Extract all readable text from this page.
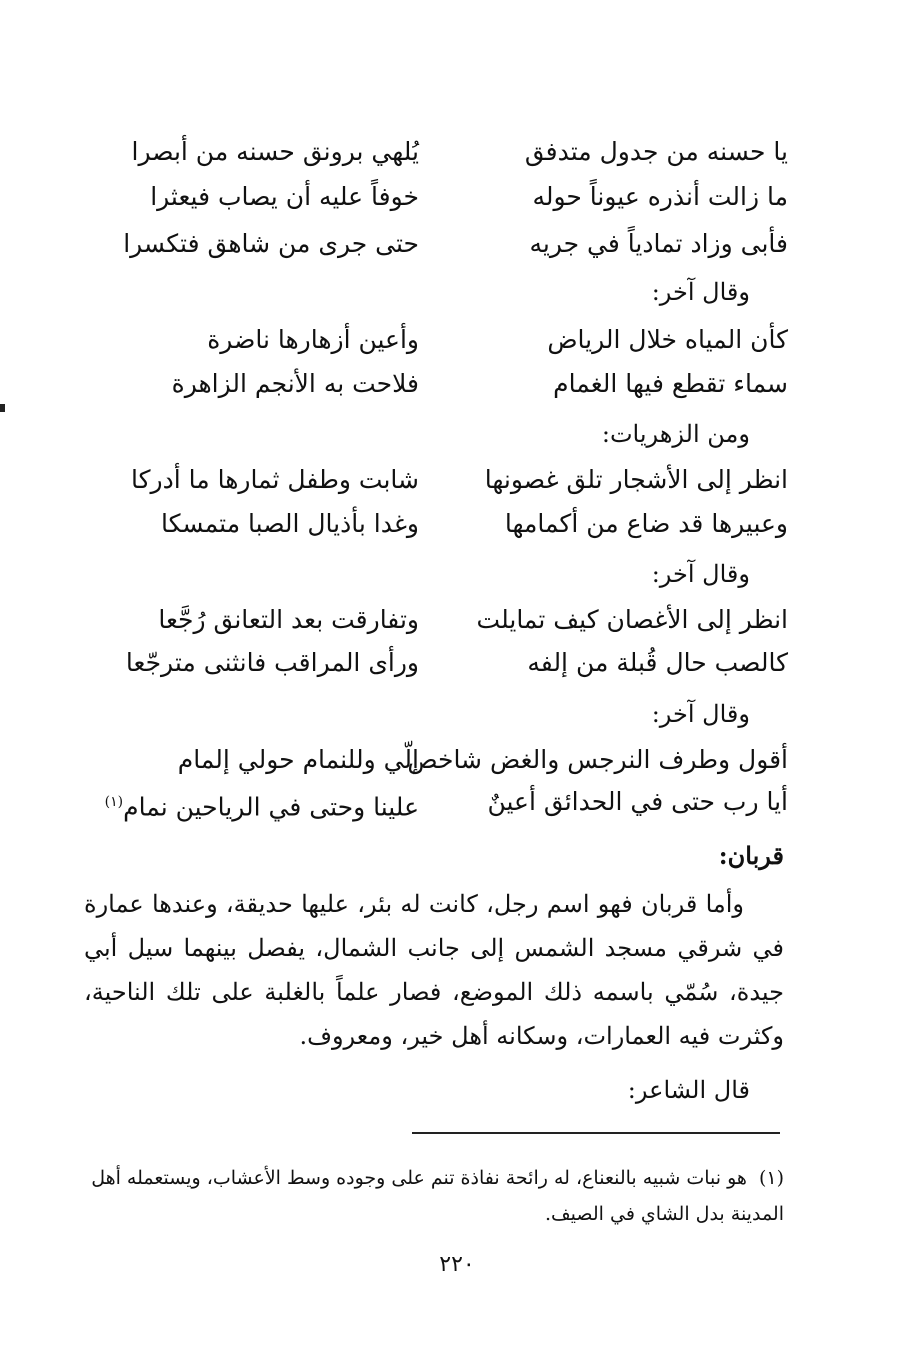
يا حسنه من جدول متدفق
يُلهي برونق حسنه من أبصرا
ما زالت أنذره عيوناً حوله
خوفاً عليه أن يصاب فيعثرا
فأبى وزاد تمادياً في جريه
حتى جرى من شاهق فتكسرا
وقال آخر:
كأن المياه خلال الرياض
وأعين أزهارها ناضرة
سماء تقطع فيها الغمام
فلاحت به الأنجم الزاهرة
ومن الزهريات:
انظر إلى الأشجار تلق غصونها
شابت وطفل ثمارها ما أدركا
وعبيرها قد ضاع من أكمامها
وغدا بأذيال الصبا متمسكا
وقال آخر:
انظر إلى الأغصان كيف تمايلت
وتفارقت بعد التعانق رُجَّعا
كالصب حال قُبلة من إلفه
ورأى المراقب فانثنى مترجّعا
وقال آخر:
أقول وطرف النرجس والغض شاخص
إلّي وللنمام حولي إلمام
أيا رب حتى في الحدائق أعينٌ
علينا وحتى في الرياحين نمام$^{(١)}$
قربان:
وأما قربان فهو اسم رجل، كانت له بئر، عليها حديقة، وعندها عمارة في شرقي مسجد الشمس إلى جانب الشمال، يفصل بينهما سيل أبي جيدة، سُمّي باسمه ذلك الموضع، فصار علماً بالغلبة على تلك الناحية، وكثرت فيه العمارات، وسكانه أهل خير، ومعروف.
قال الشاعر:
(١)هو نبات شبيه بالنعناع، له رائحة نفاذة تنم على وجوده وسط الأعشاب، ويستعمله أهل المدينة بدل الشاي في الصيف.
٢٢٠
